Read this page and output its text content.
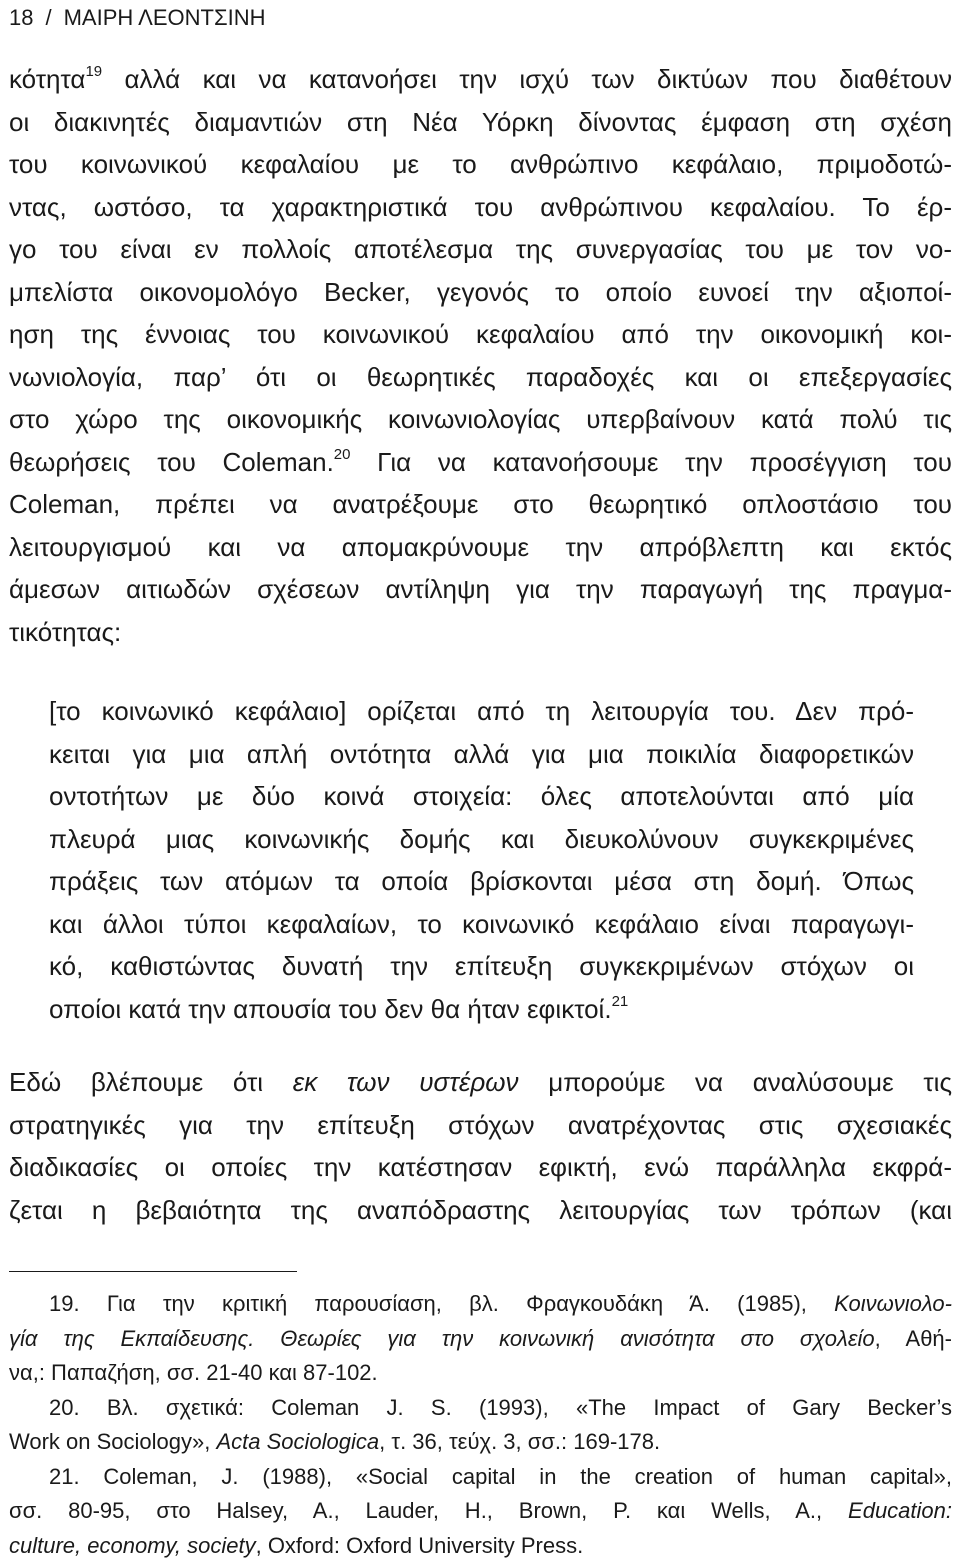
18 / ΜΑΙΡΗ ΛΕΟΝΤΣΙΝΗ
κότητα$^{19}$ αλλά και να κατανοήσει την ισχύ των δικτύων που διαθέτουν
οι διακινητές διαμαντιών στη Νέα Υόρκη δίνοντας έμφαση στη σχέση
του κοινωνικού κεφαλαίου με το ανθρώπινο κεφάλαιο, πριμοδοτώ-
ντας, ωστόσο, τα χαρακτηριστικά του ανθρώπινου κεφαλαίου. Το έρ-
γο του είναι εν πολλοίς αποτέλεσμα της συνεργασίας του με τον νο-
μπελίστα οικονομολόγο Becker, γεγονός το οποίο ευνοεί την αξιοποί-
ηση της έννοιας του κοινωνικού κεφαλαίου από την οικονομική κοι-
νωνιολογία, παρ’ ότι οι θεωρητικές παραδοχές και οι επεξεργασίες
στο χώρο της οικονομικής κοινωνιολογίας υπερβαίνουν κατά πολύ τις
θεωρήσεις του Coleman.$^{20}$ Για να κατανοήσουμε την προσέγγιση του
Coleman, πρέπει να ανατρέξουμε στο θεωρητικό οπλοστάσιο του
λειτουργισμού και να απομακρύνουμε την απρόβλεπτη και εκτός
άμεσων αιτιωδών σχέσεων αντίληψη για την παραγωγή της πραγμα-
τικότητας:
[το κοινωνικό κεφάλαιο] ορίζεται από τη λειτουργία του. Δεν πρό-
κειται για μια απλή οντότητα αλλά για μια ποικιλία διαφορετικών
οντοτήτων με δύο κοινά στοιχεία: όλες αποτελούνται από μία
πλευρά μιας κοινωνικής δομής και διευκολύνουν συγκεκριμένες
πράξεις των ατόμων τα οποία βρίσκονται μέσα στη δομή. Όπως
και άλλοι τύποι κεφαλαίων, το κοινωνικό κεφάλαιο είναι παραγωγι-
κό, καθιστώντας δυνατή την επίτευξη συγκεκριμένων στόχων οι
οποίοι κατά την απουσία του δεν θα ήταν εφικτοί.$^{21}$
Εδώ βλέπουμε ότι εκ των υστέρων μπορούμε να αναλύσουμε τις
στρατηγικές για την επίτευξη στόχων ανατρέχοντας στις σχεσιακές
διαδικασίες οι οποίες την κατέστησαν εφικτή, ενώ παράλληλα εκφρά-
ζεται η βεβαιότητα της αναπόδραστης λειτουργίας των τρόπων (και
19. Για την κριτική παρουσίαση, βλ. Φραγκουδάκη Ά. (1985), Κοινωνιολο-
γία της Εκπαίδευσης. Θεωρίες για την κοινωνική ανισότητα στο σχολείο, Αθή-
να,: Παπαζήση, σσ. 21-40 και 87-102.
20. Βλ. σχετικά: Coleman J. S. (1993), «The Impact of Gary Becker’s
Work on Sociology», Acta Sociologica, τ. 36, τεύχ. 3, σσ.: 169-178.
21. Coleman, J. (1988), «Social capital in the creation of human capital»,
σσ. 80-95, στο Halsey, A., Lauder, H., Brown, P. και Wells, A., Education:
culture, economy, society, Oxford: Oxford University Press.
